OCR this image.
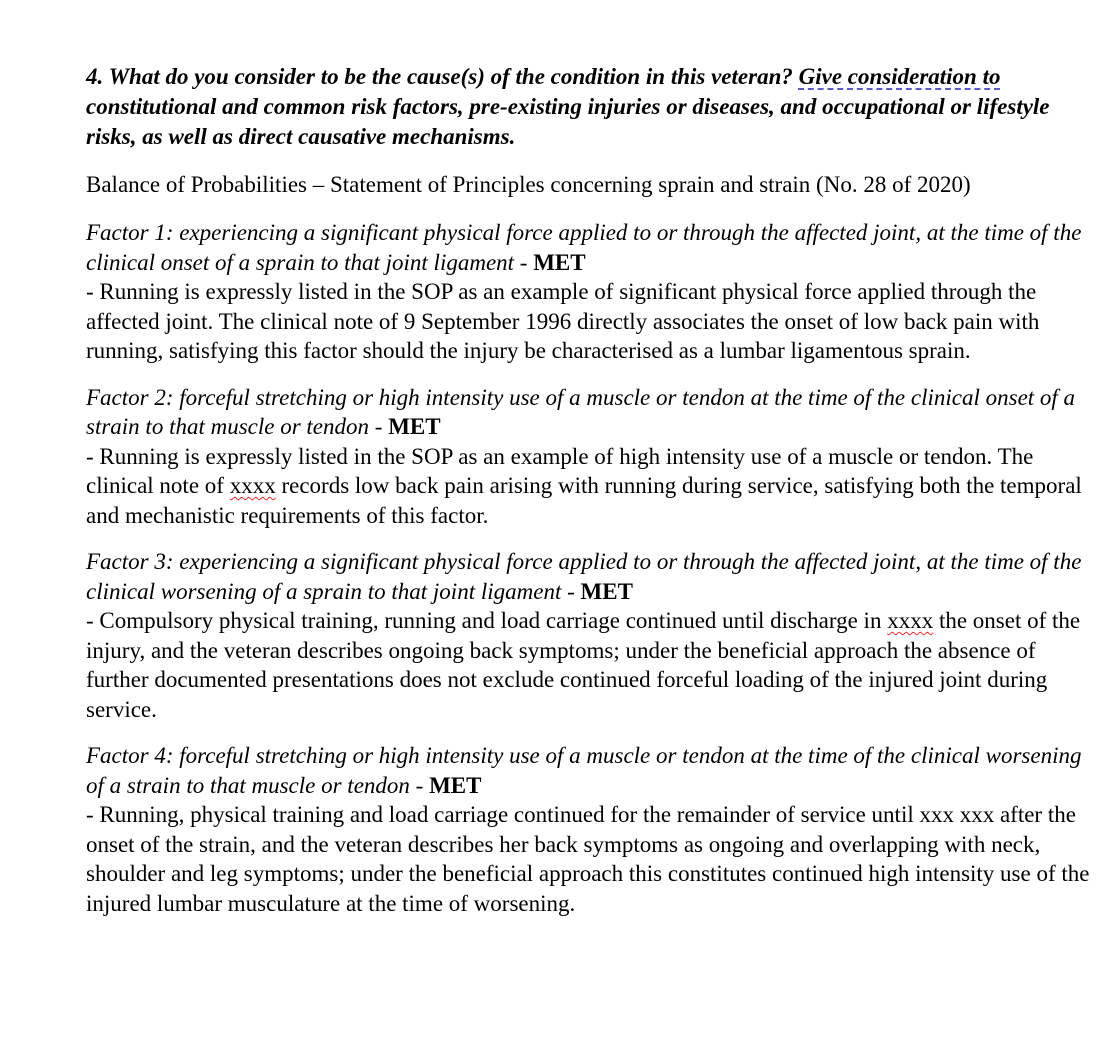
4. What do you consider to be the cause(s) of the condition in this veteran? Give consideration to constitutional and common risk factors, pre-existing injuries or diseases, and occupational or lifestyle risks, as well as direct causative mechanisms.

Balance of Probabilities – Statement of Principles concerning sprain and strain (No. 28 of 2020)

Factor 1: experiencing a significant physical force applied to or through the affected joint, at the time of the clinical onset of a sprain to that joint ligament - MET

- Running is expressly listed in the SOP as an example of significant physical force applied through the affected joint. The clinical note of 9 September 1996 directly associates the onset of low back pain with running, satisfying this factor should the injury be characterised as a lumbar ligamentous sprain.

Factor 2: forceful stretching or high intensity use of a muscle or tendon at the time of the clinical onset of a strain to that muscle or tendon - MET

- Running is expressly listed in the SOP as an example of high intensity use of a muscle or tendon. The clinical note of xxxx records low back pain arising with running during service, satisfying both the temporal and mechanistic requirements of this factor.

Factor 3: experiencing a significant physical force applied to or through the affected joint, at the time of the clinical worsening of a sprain to that joint ligament - MET

- Compulsory physical training, running and load carriage continued until discharge in xxxx the onset of the injury, and the veteran describes ongoing back symptoms; under the beneficial approach the absence of further documented presentations does not exclude continued forceful loading of the injured joint during service.

Factor 4: forceful stretching or high intensity use of a muscle or tendon at the time of the clinical worsening of a strain to that muscle or tendon - MET

- Running, physical training and load carriage continued for the remainder of service until xxx xxx after the onset of the strain, and the veteran describes her back symptoms as ongoing and overlapping with neck, shoulder and leg symptoms; under the beneficial approach this constitutes continued high intensity use of the injured lumbar musculature at the time of worsening.
